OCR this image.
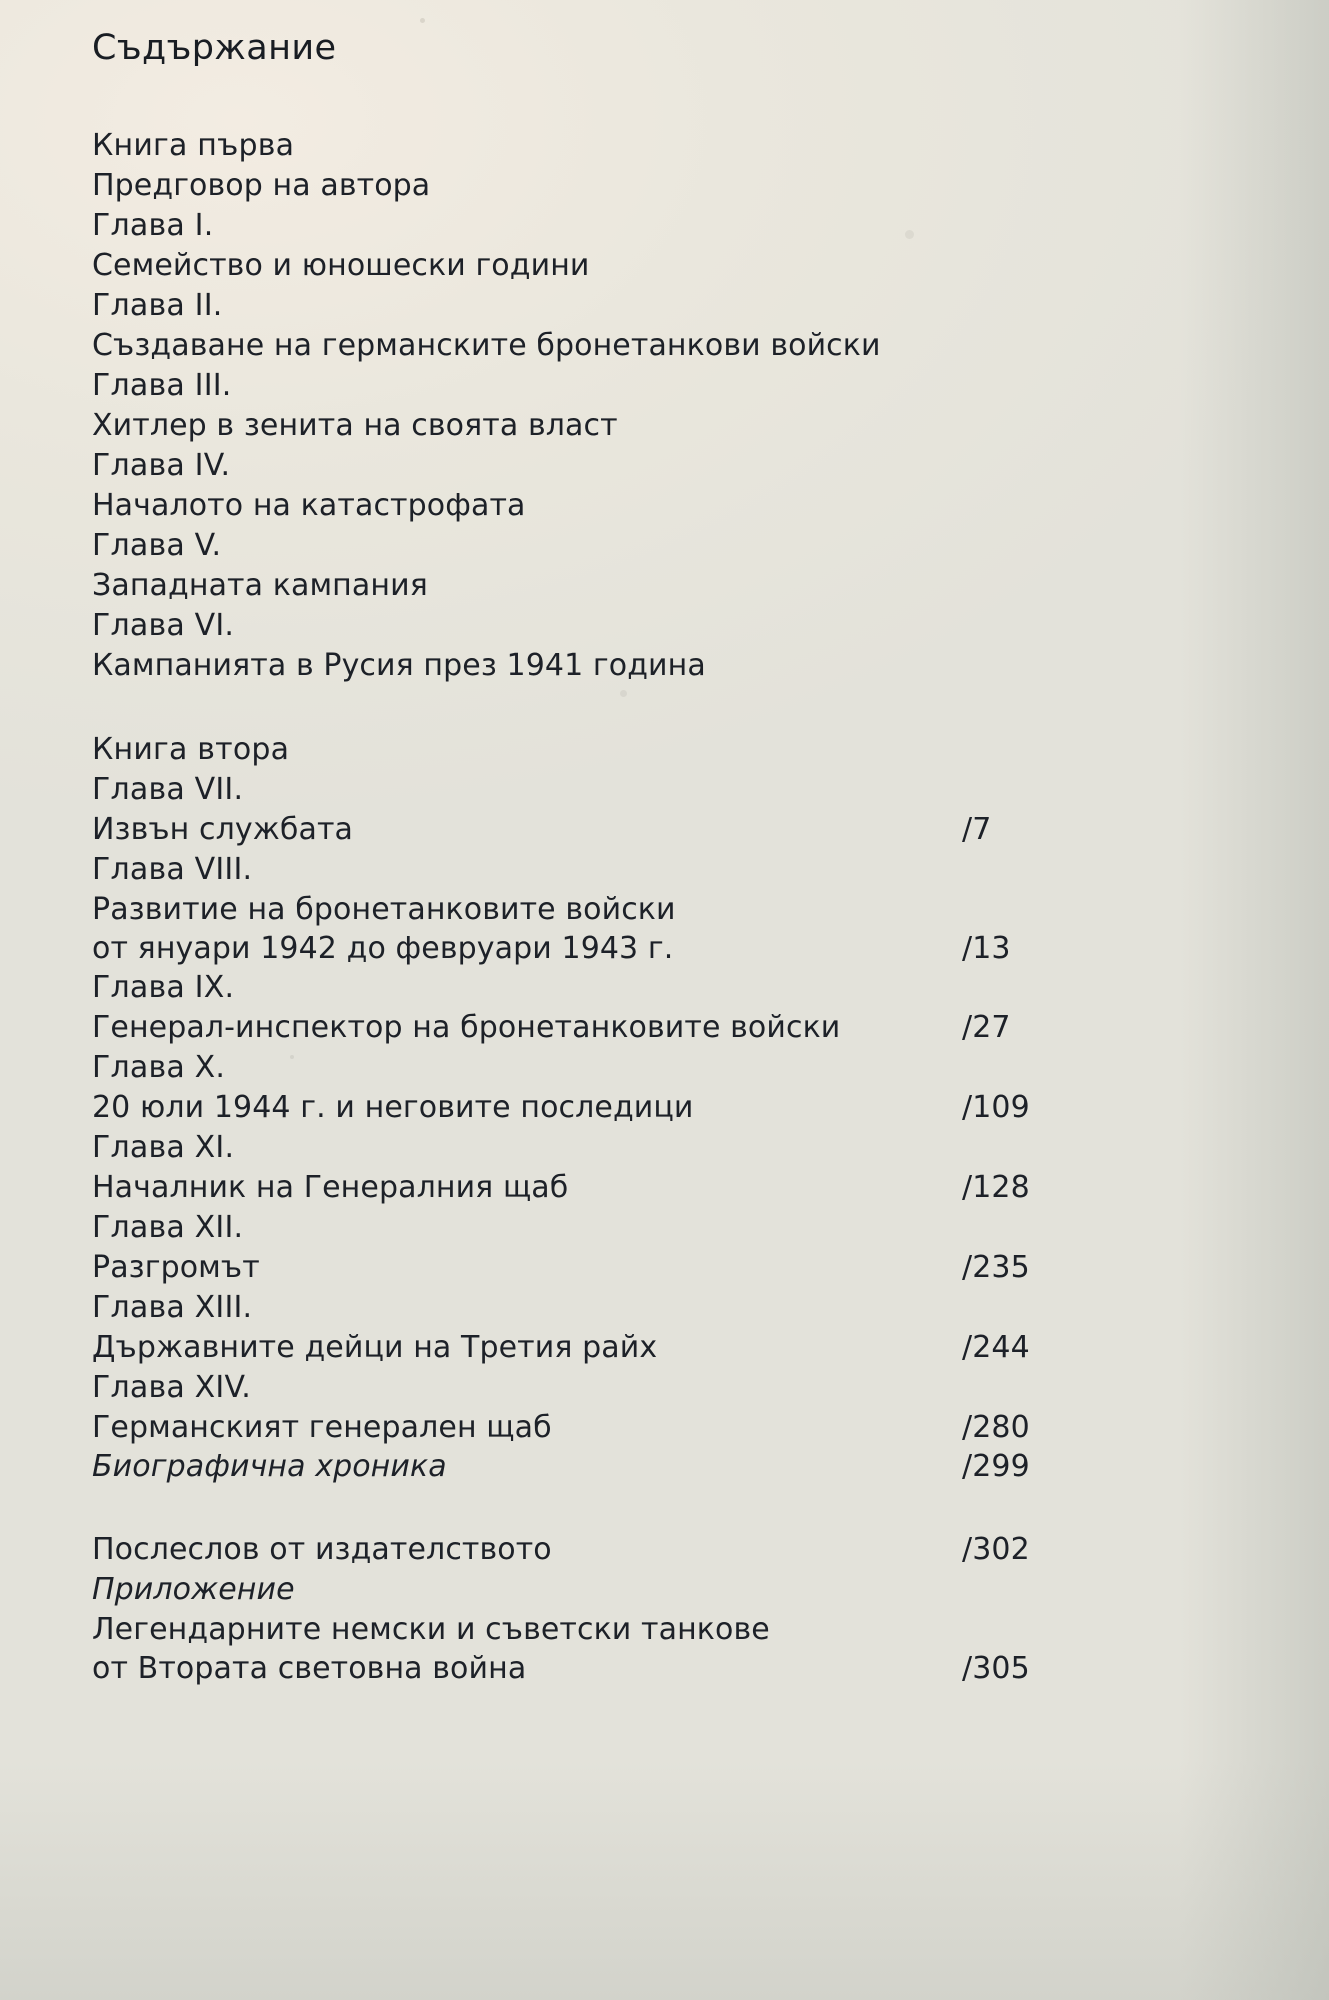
Съдържание
Книга първа
Предговор на автора
Глава I.
Семейство и юношески години
Глава II.
Създаване на германските бронетанкови войски
Глава III.
Хитлер в зенита на своята власт
Глава IV.
Началото на катастрофата
Глава V.
Западната кампания
Глава VI.
Кампанията в Русия през 1941 година
Книга втора
Глава VII.
Извън службата	/7
Глава VIII.
Развитие на бронетанковите войски
от януари 1942 до февруари 1943 г.	/13
Глава IX.
Генерал-инспектор на бронетанковите войски	/27
Глава X.
20 юли 1944 г. и неговите последици	/109
Глава XI.
Началник на Генералния щаб	/128
Глава XII.
Разгромът	/235
Глава XIII.
Държавните дейци на Третия райх	/244
Глава XIV.
Германският генерален щаб	/280
Биографична хроника	/299
Послеслов от издателството	/302
Приложение
Легендарните немски и съветски танкове
от Втората световна война	/305
